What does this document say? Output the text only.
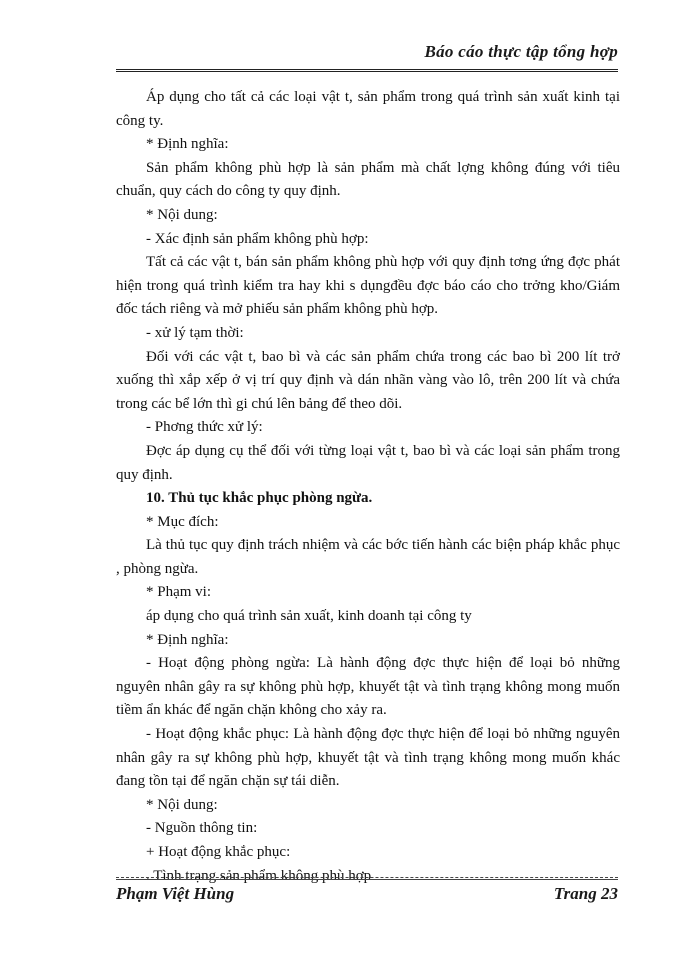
Báo cáo thực tập tổng hợp

Áp dụng cho tất cả các loại vật t, sản phẩm trong quá trình sản xuất kinh tại công ty.

* Định nghĩa:

Sản phẩm không phù hợp là sản phẩm mà chất lợng không đúng với tiêu chuẩn, quy cách do công ty quy định.

* Nội dung:

- Xác định sản phẩm không phù hợp:

Tất cả các vật t, bán sản phẩm không phù hợp với quy định tơng ứng đợc phát hiện trong quá trình kiểm tra hay khi s dụngđều đợc báo cáo cho trởng kho/Giám đốc tách riêng và mở phiếu sản phẩm không phù hợp.

- xử lý tạm thời:

Đối với các vật t, bao bì và các sản phẩm chứa trong các bao bì 200 lít trở xuống thì xắp xếp ở vị trí quy định và dán nhãn vàng vào lô, trên 200 lít và chứa trong các bể lớn thì gi chú lên bảng để theo dõi.

- Phơng thức xử lý:

Đợc áp dụng cụ thể đối với từng loại vật t, bao bì và các loại sản phẩm trong quy định.

10. Thủ tục khắc phục phòng ngừa.

* Mục đích:

Là thủ tục quy định trách nhiệm và các bớc tiến hành các biện pháp khắc phục , phòng ngừa.

* Phạm vi:

áp dụng cho quá trình sản xuất, kinh doanh tại công ty

* Định nghĩa:

- Hoạt động phòng ngừa: Là hành động đợc thực hiện để loại bỏ những nguyên nhân gây ra sự không phù hợp, khuyết tật và tình trạng không mong muốn tiềm ẩn khác để ngăn chặn không cho xảy ra.

- Hoạt động khắc phục: Là hành động đợc thực hiện để loại bỏ những nguyên nhân gây ra sự không phù hợp, khuyết tật và tình trạng không mong muốn khác đang tồn tại để ngăn chặn sự tái diễn.

* Nội dung:

- Nguồn thông tin:

+ Hoạt động khắc phục:

. Tình trạng sản phẩm không phù hợp

Phạm Việt Hùng	Trang 23
